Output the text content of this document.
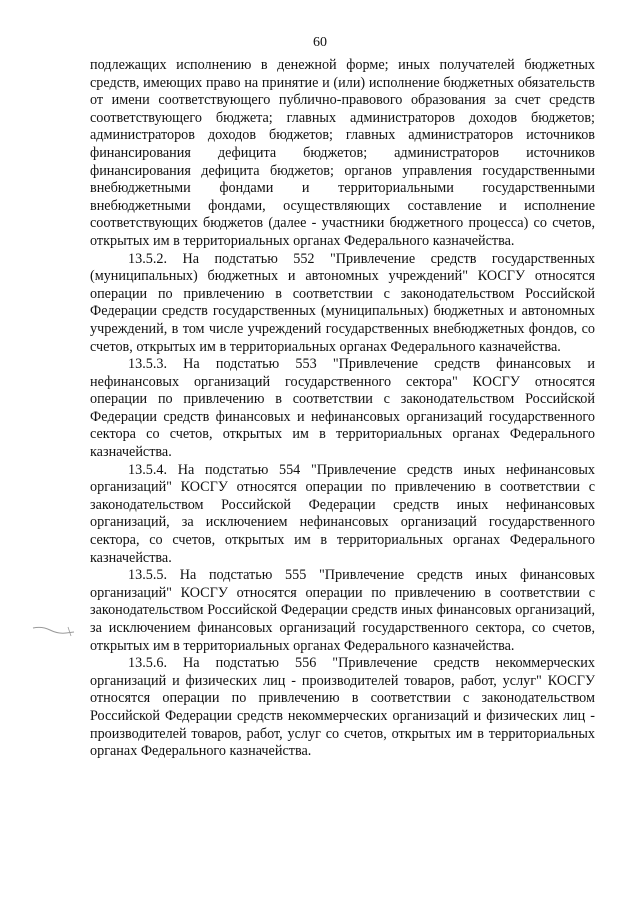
60

подлежащих исполнению в денежной форме; иных получателей бюджетных средств, имеющих право на принятие и (или) исполнение бюджетных обязательств от имени соответствующего публично-правового образования за счет средств соответствующего бюджета; главных администраторов доходов бюджетов; администраторов доходов бюджетов; главных администраторов источников финансирования дефицита бюджетов; администраторов источников финансирования дефицита бюджетов; органов управления государственными внебюджетными фондами и территориальными государственными внебюджетными фондами, осуществляющих составление и исполнение соответствующих бюджетов (далее - участники бюджетного процесса) со счетов, открытых им в территориальных органах Федерального казначейства.

13.5.2. На подстатью 552 "Привлечение средств государственных (муниципальных) бюджетных и автономных учреждений" КОСГУ относятся операции по привлечению в соответствии с законодательством Российской Федерации средств государственных (муниципальных) бюджетных и автономных учреждений, в том числе учреждений государственных внебюджетных фондов, со счетов, открытых им в территориальных органах Федерального казначейства.

13.5.3. На подстатью 553 "Привлечение средств финансовых и нефинансовых организаций государственного сектора" КОСГУ относятся операции по привлечению в соответствии с законодательством Российской Федерации средств финансовых и нефинансовых организаций государственного сектора со счетов, открытых им в территориальных органах Федерального казначейства.

13.5.4. На подстатью 554 "Привлечение средств иных нефинансовых организаций" КОСГУ относятся операции по привлечению в соответствии с законодательством Российской Федерации средств иных нефинансовых организаций, за исключением нефинансовых организаций государственного сектора, со счетов, открытых им в территориальных органах Федерального казначейства.

13.5.5. На подстатью 555 "Привлечение средств иных финансовых организаций" КОСГУ относятся операции по привлечению в соответствии с законодательством Российской Федерации средств иных финансовых организаций, за исключением финансовых организаций государственного сектора, со счетов, открытых им в территориальных органах Федерального казначейства.

13.5.6. На подстатью 556 "Привлечение средств некоммерческих организаций и физических лиц - производителей товаров, работ, услуг" КОСГУ относятся операции по привлечению в соответствии с законодательством Российской Федерации средств некоммерческих организаций и физических лиц - производителей товаров, работ, услуг со счетов, открытых им в территориальных органах Федерального казначейства.
